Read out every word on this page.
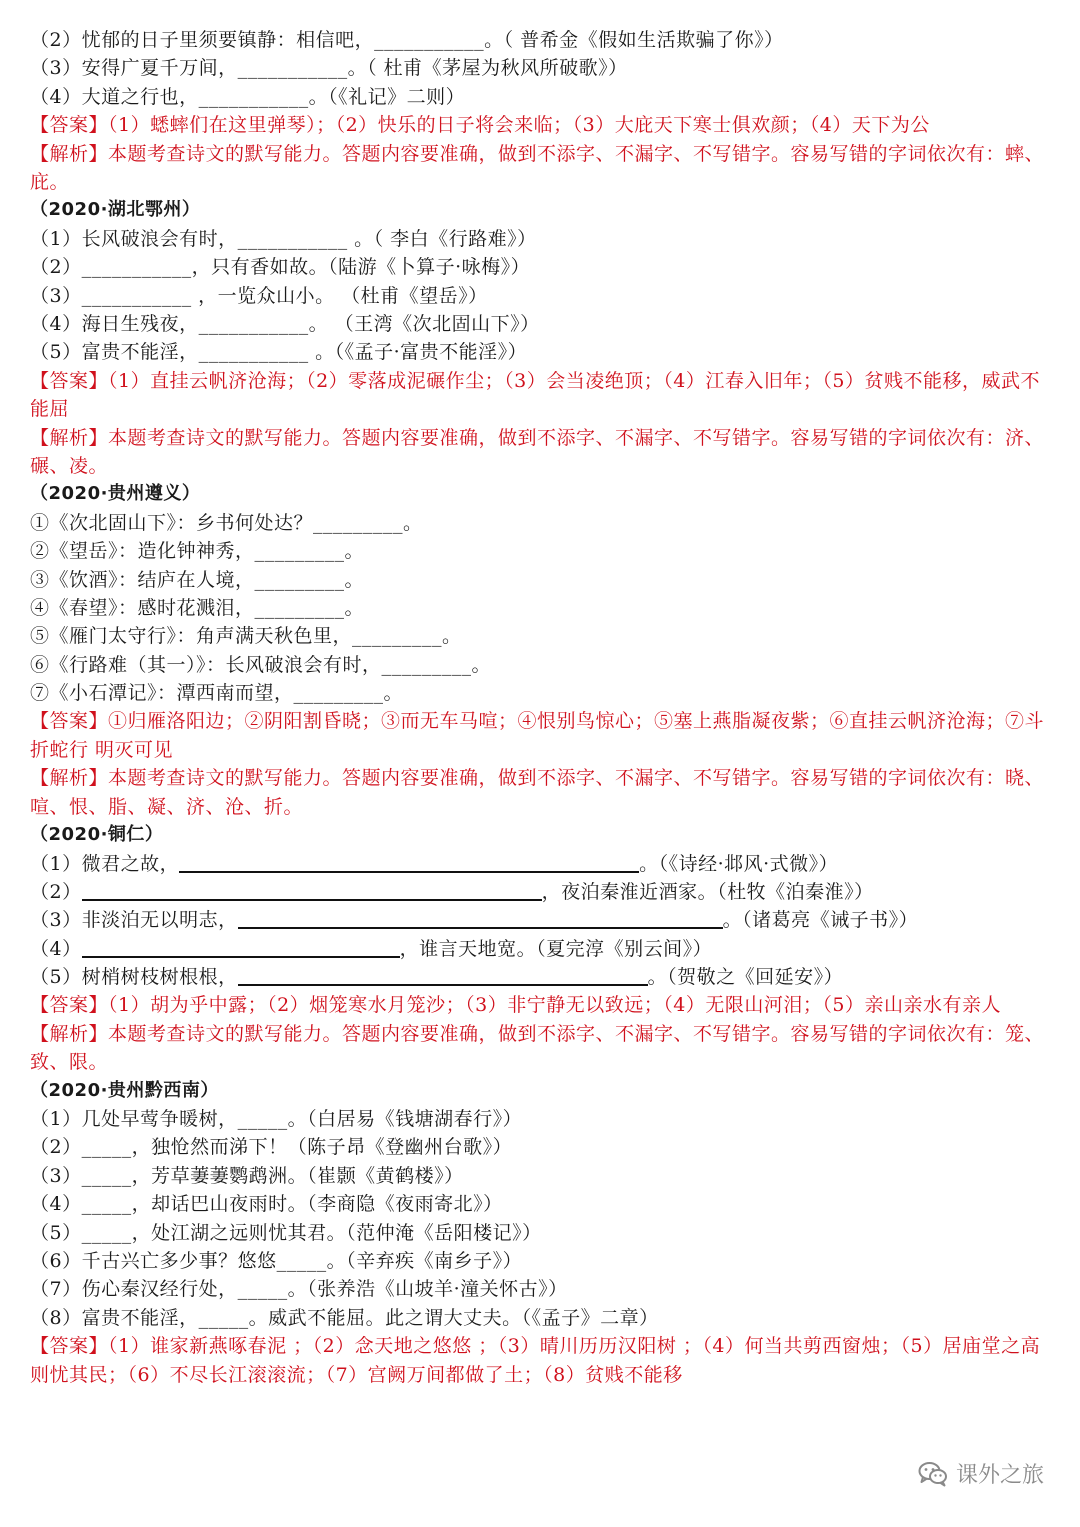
（2）忧郁的日子里须要镇静：相信吧，___________。（ 普希金《假如生活欺骗了你》）
（3）安得广夏千万间，___________。（ 杜甫《茅屋为秋风所破歌》）
（4）大道之行也，___________。（《礼记》二则）
【答案】（1）蟋蟀们在这里弹琴）；（2）快乐的日子将会来临；（3）大庇天下寒士俱欢颜；（4）天下为公
【解析】本题考查诗文的默写能力。答题内容要准确，做到不添字、不漏字、不写错字。容易写错的字词依次有：蟀、庇。
（2020·湖北鄂州）
（1）长风破浪会有时，___________ 。（ 李白《行路难》）
（2）___________，只有香如故。（陆游《卜算子·咏梅》）
（3）___________ ，一览众山小。 （杜甫《望岳》）
（4）海日生残夜，___________。 （王湾《次北固山下》）
（5）富贵不能淫，___________ 。（《孟子·富贵不能淫》）
【答案】（1）直挂云帆济沧海；（2）零落成泥碾作尘；（3）会当凌绝顶；（4）江春入旧年；（5）贫贱不能移，威武不能屈
【解析】本题考查诗文的默写能力。答题内容要准确，做到不添字、不漏字、不写错字。容易写错的字词依次有：济、碾、凌。
（2020·贵州遵义）
①《次北固山下》：乡书何处达？_________。
②《望岳》：造化钟神秀，_________。
③《饮酒》：结庐在人境，_________。
④《春望》：感时花溅泪，_________。
⑤《雁门太守行》：角声满天秋色里，_________。
⑥《行路难（其一）》：长风破浪会有时，_________。
⑦《小石潭记》：潭西南而望，_________。
【答案】①归雁洛阳边；②阴阳割昏晓；③而无车马喧；④恨别鸟惊心；⑤塞上燕脂凝夜紫；⑥直挂云帆济沧海；⑦斗折蛇行 明灭可见
【解析】本题考查诗文的默写能力。答题内容要准确，做到不添字、不漏字、不写错字。容易写错的字词依次有：晓、喧、恨、脂、凝、济、沧、折。
（2020·铜仁）
（1）微君之故，	。（《诗经·邶风·式微》）
（2）	，夜泊秦淮近酒家。（杜牧《泊秦淮》）
（3）非淡泊无以明志，	。（诸葛亮《诫子书》）
（4）	，谁言天地宽。（夏完淳《别云间》）
（5）树梢树枝树根根，	。（贺敬之《回延安》）
【答案】（1）胡为乎中露；（2）烟笼寒水月笼沙；（3）非宁静无以致远；（4）无限山河泪；（5）亲山亲水有亲人
【解析】本题考查诗文的默写能力。答题内容要准确，做到不添字、不漏字、不写错字。容易写错的字词依次有：笼、致、限。
（2020·贵州黔西南）
（1）几处早莺争暖树，_____。（白居易《钱塘湖春行》）
（2）_____，独怆然而涕下！（陈子昂《登幽州台歌》）
（3）_____，芳草萋萋鹦鹉洲。（崔颢《黄鹤楼》）
（4）_____，却话巴山夜雨时。（李商隐《夜雨寄北》）
（5）_____，处江湖之远则忧其君。（范仲淹《岳阳楼记》）
（6）千古兴亡多少事？悠悠_____。（辛弃疾《南乡子》）
（7）伤心秦汉经行处，_____。（张养浩《山坡羊·潼关怀古》）
（8）富贵不能淫，_____。威武不能屈。此之谓大丈夫。（《孟子》二章）
【答案】（1）谁家新燕啄春泥 ；（2）念天地之悠悠 ；（3）晴川历历汉阳树 ；（4）何当共剪西窗烛；（5）居庙堂之高则忧其民；（6）不尽长江滚滚流；（7）宫阙万间都做了土；（8）贫贱不能移
课外之旅
